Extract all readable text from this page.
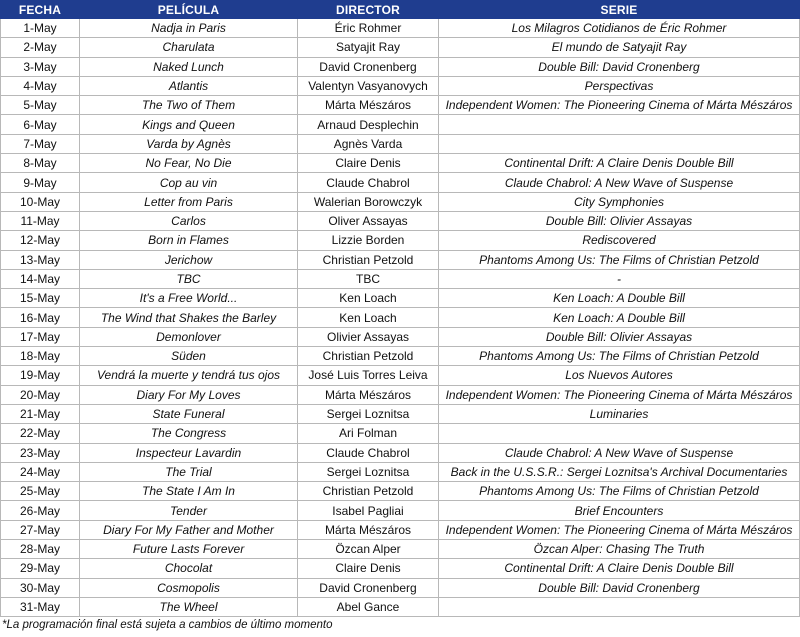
FECHA	PELÍCULA	DIRECTOR	SERIE
1-May	Nadja in Paris	Éric Rohmer	Los Milagros Cotidianos de Éric Rohmer
2-May	Charulata	Satyajit Ray	El mundo de Satyajit Ray
3-May	Naked Lunch	David Cronenberg	Double Bill: David Cronenberg
4-May	Atlantis	Valentyn Vasyanovych	Perspectivas
5-May	The Two of Them	Márta Mészáros	Independent Women: The Pioneering Cinema of Márta Mészáros
6-May	Kings and Queen	Arnaud Desplechin	
7-May	Varda by Agnès	Agnès Varda	
8-May	No Fear, No Die	Claire Denis	Continental Drift: A Claire Denis Double Bill
9-May	Cop au vin	Claude Chabrol	Claude Chabrol: A New Wave of Suspense
10-May	Letter from Paris	Walerian Borowczyk	City Symphonies
11-May	Carlos	Oliver Assayas	Double Bill: Olivier Assayas
12-May	Born in Flames	Lizzie Borden	Rediscovered
13-May	Jerichow	Christian Petzold	Phantoms Among Us: The Films of Christian Petzold
14-May	TBC	TBC	-
15-May	It's a Free World...	Ken Loach	Ken Loach: A Double Bill
16-May	The Wind that Shakes the Barley	Ken Loach	Ken Loach: A Double Bill
17-May	Demonlover	Olivier Assayas	Double Bill: Olivier Assayas
18-May	Süden	Christian Petzold	Phantoms Among Us: The Films of Christian Petzold
19-May	Vendrá la muerte y tendrá tus ojos	José Luis Torres Leiva	Los Nuevos Autores
20-May	Diary For My Loves	Márta Mészáros	Independent Women: The Pioneering Cinema of Márta Mészáros
21-May	State Funeral	Sergei Loznitsa	Luminaries
22-May	The Congress	Ari Folman	
23-May	Inspecteur Lavardin	Claude Chabrol	Claude Chabrol: A New Wave of Suspense
24-May	The Trial	Sergei Loznitsa	Back in the U.S.S.R.: Sergei Loznitsa's Archival Documentaries
25-May	The State I Am In	Christian Petzold	Phantoms Among Us: The Films of Christian Petzold
26-May	Tender	Isabel Pagliai	Brief Encounters
27-May	Diary For My Father and Mother	Márta Mészáros	Independent Women: The Pioneering Cinema of Márta Mészáros
28-May	Future Lasts Forever	Özcan Alper	Özcan Alper: Chasing The Truth
29-May	Chocolat	Claire Denis	Continental Drift: A Claire Denis Double Bill
30-May	Cosmopolis	David Cronenberg	Double Bill: David Cronenberg
31-May	The Wheel	Abel Gance	
*La programación final está sujeta a cambios de último momento
